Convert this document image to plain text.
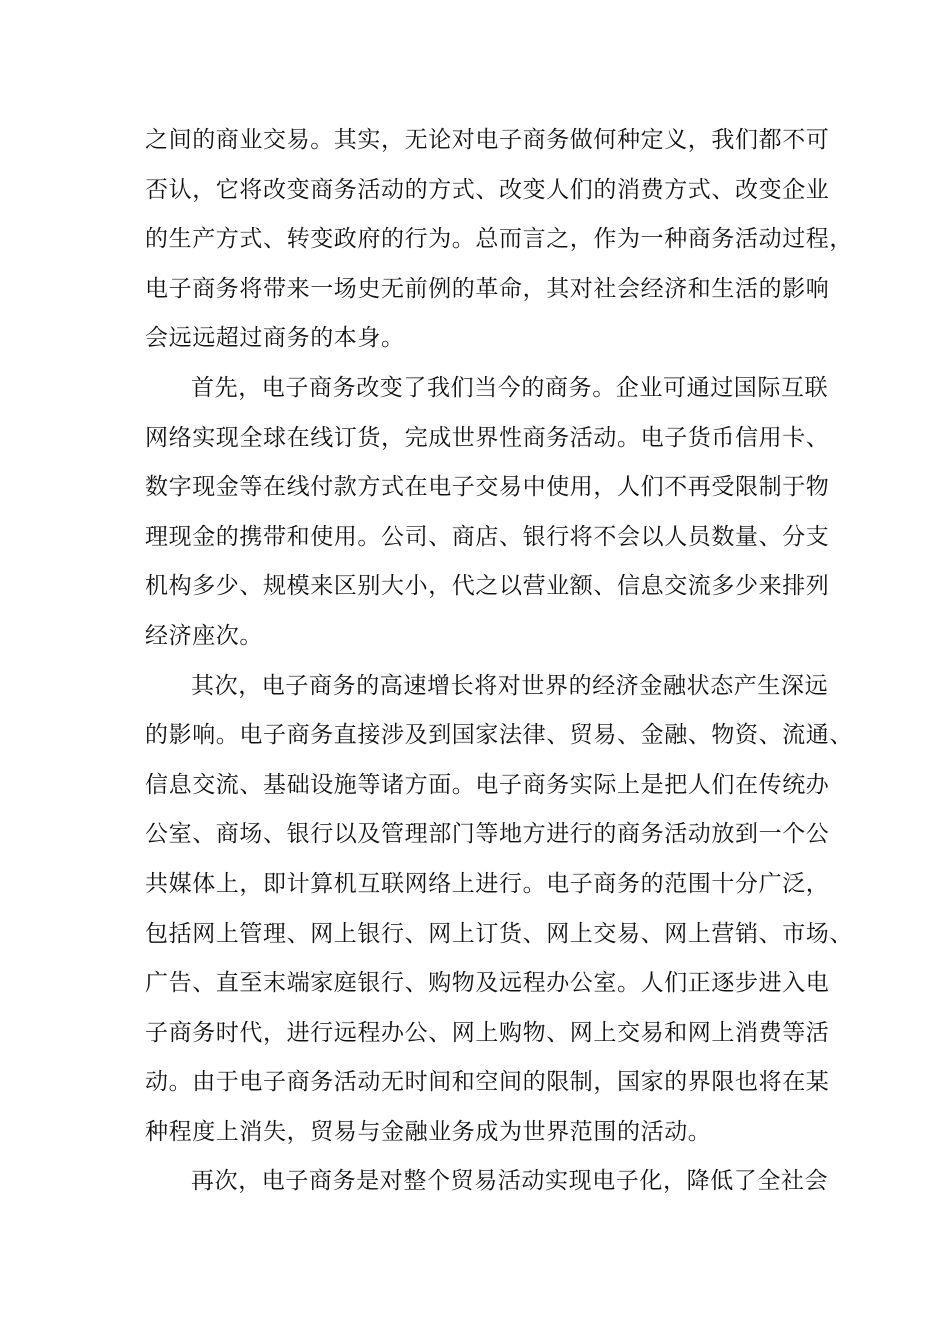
之间的商业交易。其实，无论对电子商务做何种定义，我们都不可
否认，它将改变商务活动的方式、改变人们的消费方式、改变企业
的生产方式、转变政府的行为。总而言之，作为一种商务活动过程，
电子商务将带来一场史无前例的革命，其对社会经济和生活的影响
会远远超过商务的本身。
首先，电子商务改变了我们当今的商务。企业可通过国际互联
网络实现全球在线订货，完成世界性商务活动。电子货币信用卡、
数字现金等在线付款方式在电子交易中使用，人们不再受限制于物
理现金的携带和使用。公司、商店、银行将不会以人员数量、分支
机构多少、规模来区别大小，代之以营业额、信息交流多少来排列
经济座次。
其次，电子商务的高速增长将对世界的经济金融状态产生深远
的影响。电子商务直接涉及到国家法律、贸易、金融、物资、流通、
信息交流、基础设施等诸方面。电子商务实际上是把人们在传统办
公室、商场、银行以及管理部门等地方进行的商务活动放到一个公
共媒体上，即计算机互联网络上进行。电子商务的范围十分广泛，
包括网上管理、网上银行、网上订货、网上交易、网上营销、市场、
广告、直至末端家庭银行、购物及远程办公室。人们正逐步进入电
子商务时代，进行远程办公、网上购物、网上交易和网上消费等活
动。由于电子商务活动无时间和空间的限制，国家的界限也将在某
种程度上消失，贸易与金融业务成为世界范围的活动。
再次，电子商务是对整个贸易活动实现电子化，降低了全社会
